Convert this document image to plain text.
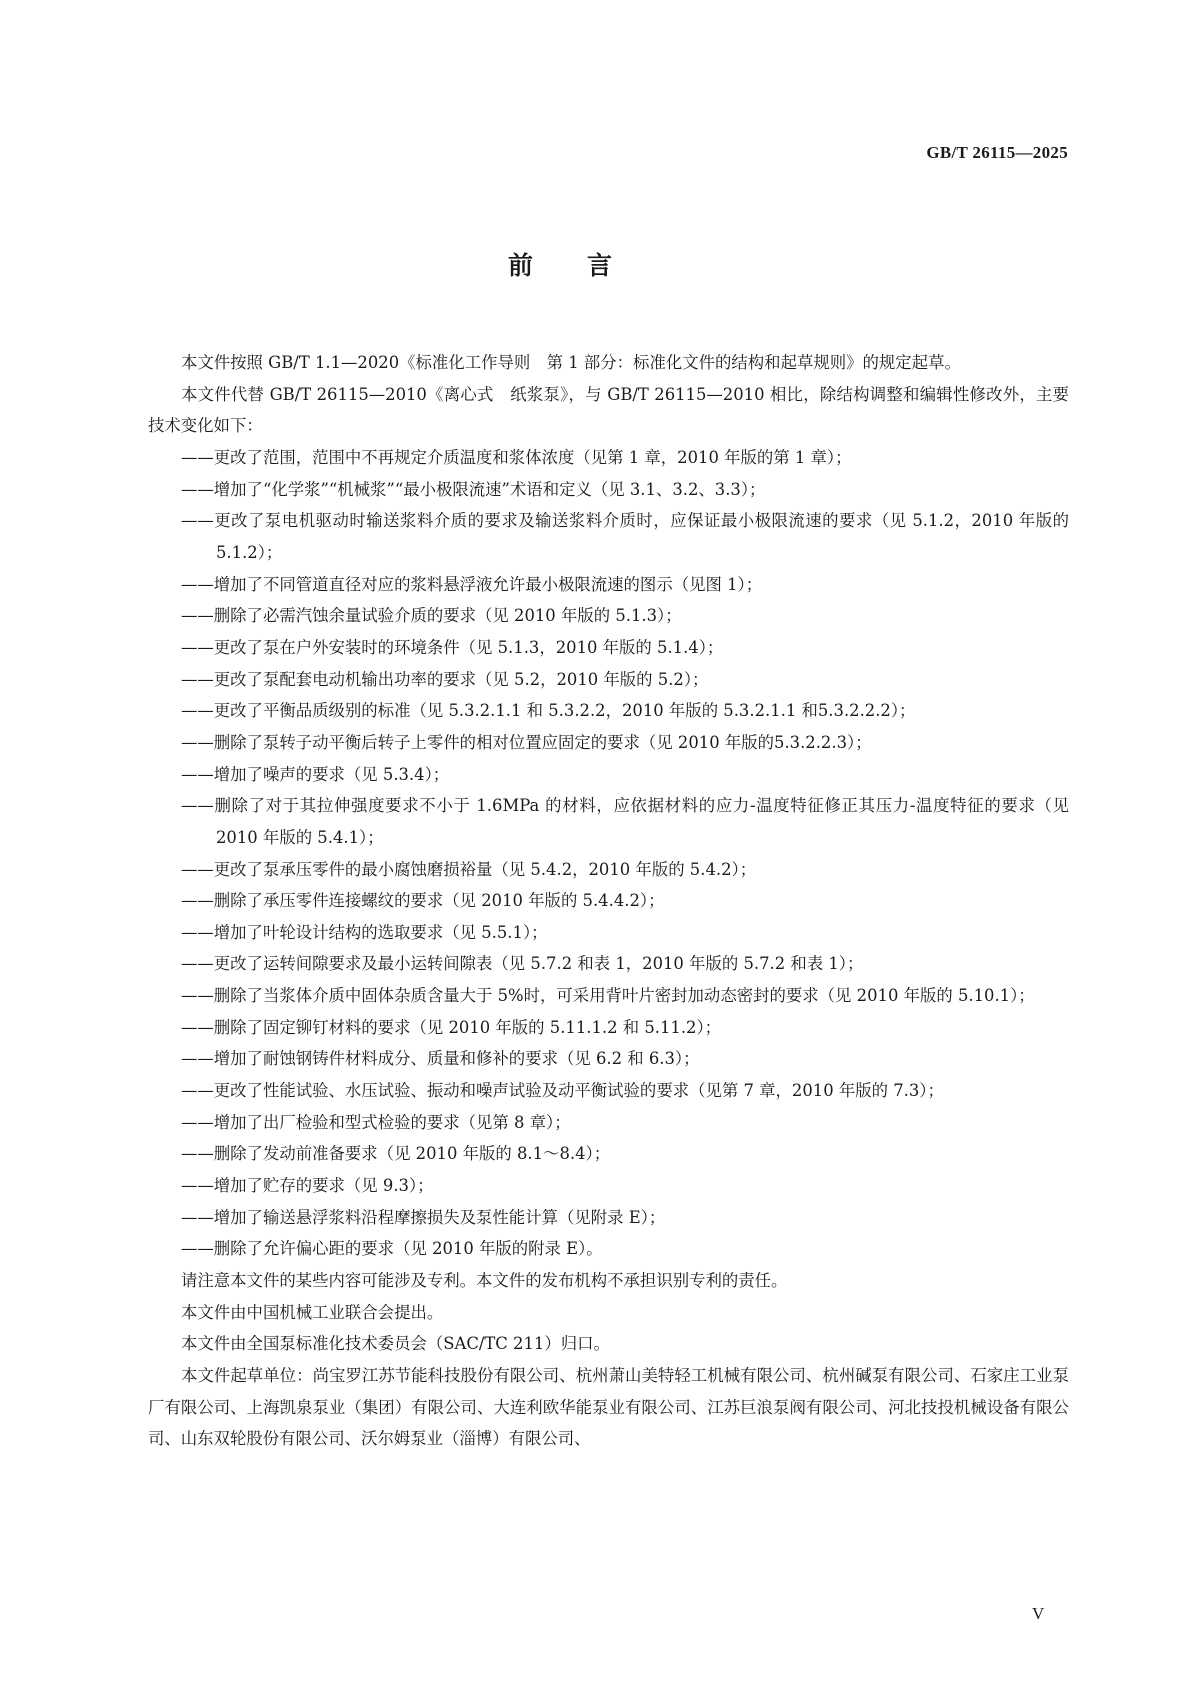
GB/T 26115—2025
前言
本文件按照 GB/T 1.1—2020《标准化工作导则　第 1 部分：标准化文件的结构和起草规则》的规定起草。
本文件代替 GB/T 26115—2010《离心式　纸浆泵》，与 GB/T 26115—2010 相比，除结构调整和编辑性修改外，主要技术变化如下：
——更改了范围，范围中不再规定介质温度和浆体浓度（见第 1 章，2010 年版的第 1 章）；
——增加了“化学浆”“机械浆”“最小极限流速”术语和定义（见 3.1、3.2、3.3）；
——更改了泵电机驱动时输送浆料介质的要求及输送浆料介质时，应保证最小极限流速的要求（见 5.1.2，2010 年版的 5.1.2）；
——增加了不同管道直径对应的浆料悬浮液允许最小极限流速的图示（见图 1）；
——删除了必需汽蚀余量试验介质的要求（见 2010 年版的 5.1.3）；
——更改了泵在户外安装时的环境条件（见 5.1.3，2010 年版的 5.1.4）；
——更改了泵配套电动机输出功率的要求（见 5.2，2010 年版的 5.2）；
——更改了平衡品质级别的标准（见 5.3.2.1.1 和 5.3.2.2，2010 年版的 5.3.2.1.1 和5.3.2.2.2）；
——删除了泵转子动平衡后转子上零件的相对位置应固定的要求（见 2010 年版的5.3.2.2.3）；
——增加了噪声的要求（见 5.3.4）；
——删除了对于其拉伸强度要求不小于 1.6MPa 的材料，应依据材料的应力-温度特征修正其压力-温度特征的要求（见 2010 年版的 5.4.1）；
——更改了泵承压零件的最小腐蚀磨损裕量（见 5.4.2，2010 年版的 5.4.2）；
——删除了承压零件连接螺纹的要求（见 2010 年版的 5.4.4.2）；
——增加了叶轮设计结构的选取要求（见 5.5.1）；
——更改了运转间隙要求及最小运转间隙表（见 5.7.2 和表 1，2010 年版的 5.7.2 和表 1）；
——删除了当浆体介质中固体杂质含量大于 5%时，可采用背叶片密封加动态密封的要求（见 2010 年版的 5.10.1）；
——删除了固定铆钉材料的要求（见 2010 年版的 5.11.1.2 和 5.11.2）；
——增加了耐蚀钢铸件材料成分、质量和修补的要求（见 6.2 和 6.3）；
——更改了性能试验、水压试验、振动和噪声试验及动平衡试验的要求（见第 7 章，2010 年版的 7.3）；
——增加了出厂检验和型式检验的要求（见第 8 章）；
——删除了发动前准备要求（见 2010 年版的 8.1～8.4）；
——增加了贮存的要求（见 9.3）；
——增加了输送悬浮浆料沿程摩擦损失及泵性能计算（见附录 E）；
——删除了允许偏心距的要求（见 2010 年版的附录 E）。
请注意本文件的某些内容可能涉及专利。本文件的发布机构不承担识别专利的责任。
本文件由中国机械工业联合会提出。
本文件由全国泵标准化技术委员会（SAC/TC 211）归口。
本文件起草单位：尚宝罗江苏节能科技股份有限公司、杭州萧山美特轻工机械有限公司、杭州碱泵有限公司、石家庄工业泵厂有限公司、上海凯泉泵业（集团）有限公司、大连利欧华能泵业有限公司、江苏巨浪泵阀有限公司、河北技投机械设备有限公司、山东双轮股份有限公司、沃尔姆泵业（淄博）有限公司、
V
